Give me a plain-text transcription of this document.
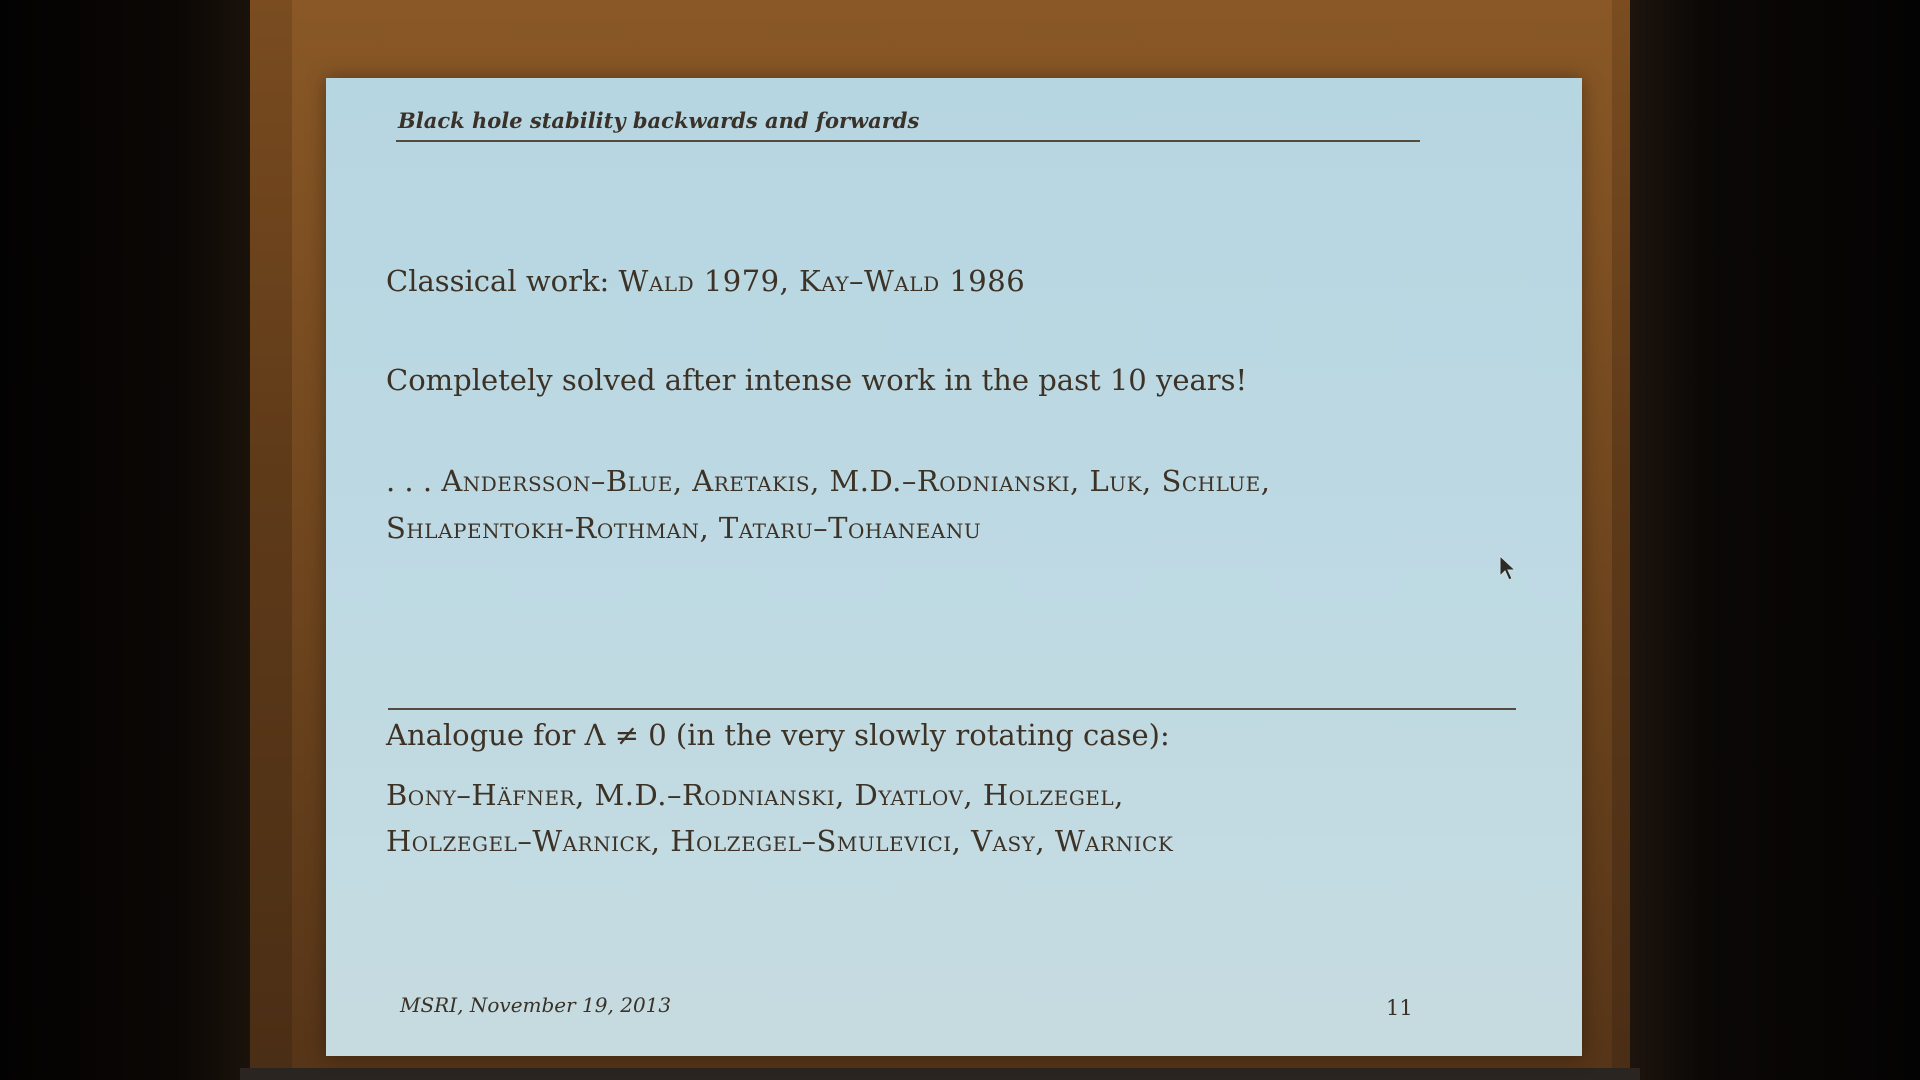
Black hole stability backwards and forwards
Classical work: Wald 1979, Kay–Wald 1986
Completely solved after intense work in the past 10 years!
. . . Andersson–Blue, Aretakis, M.D.–Rodnianski, Luk, Schlue,
Shlapentokh-Rothman, Tataru–Tohaneanu
Analogue for Λ ≠ 0 (in the very slowly rotating case):
Bony–Häfner, M.D.–Rodnianski, Dyatlov, Holzegel,
Holzegel–Warnick, Holzegel–Smulevici, Vasy, Warnick
MSRI, November 19, 2013	11
